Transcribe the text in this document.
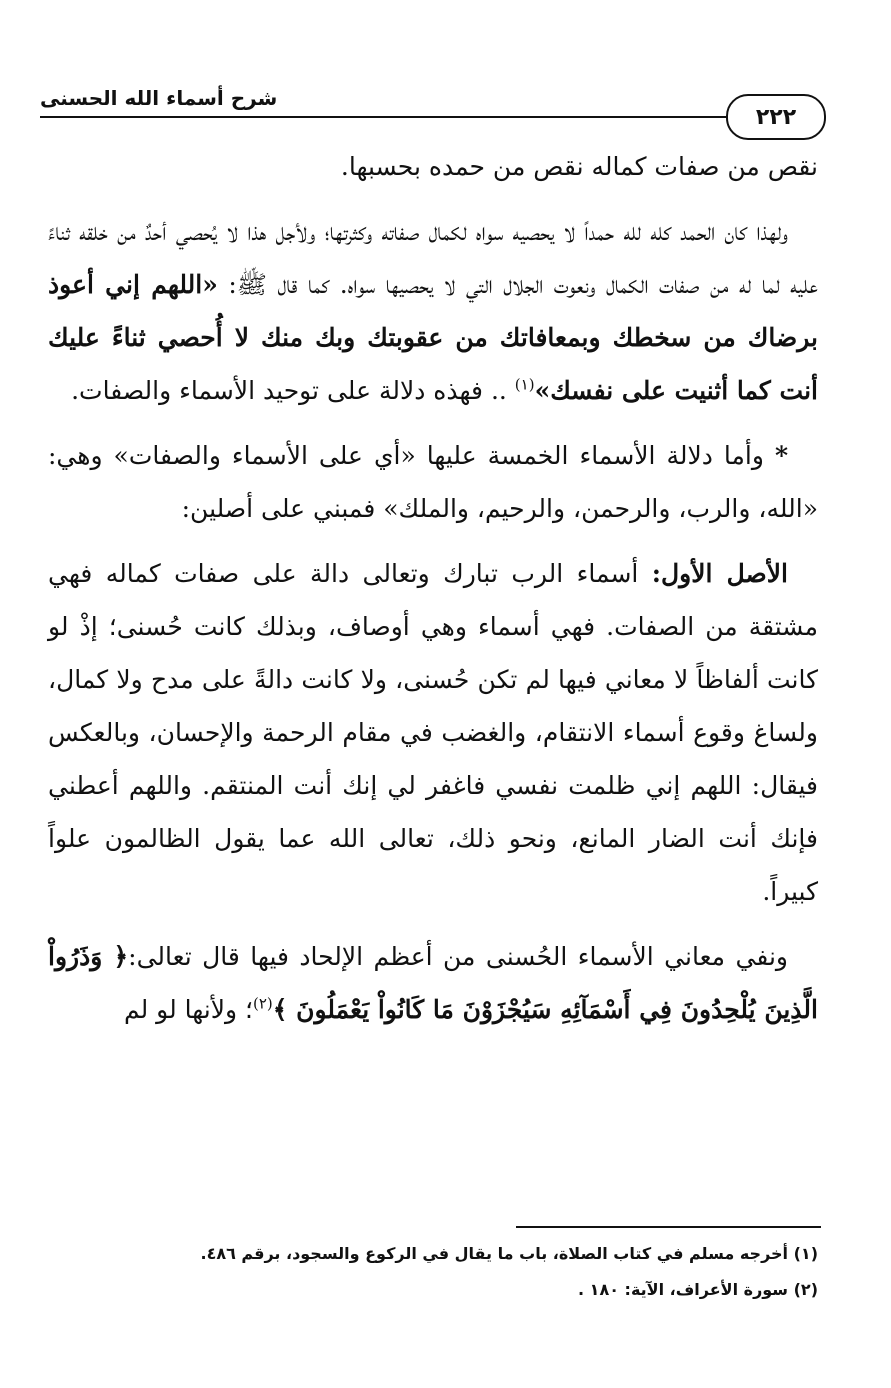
شرح أسماء الله الحسنى
٢٢٢

نقص من صفات كماله نقص من حمده بحسبها.

ولهذا كان الحمد كله لله حمداً لا يحصيه سواه لكمال صفاته وكثرتها؛ ولأجل هذا لا يُحصي أحدٌ من خلقه ثناءً عليه لما له من صفات الكمال ونعوت الجلال التي لا يحصيها سواه. كما قال ﷺ: «اللهم إني أعوذ برضاك من سخطك وبمعافاتك من عقوبتك وبك منك لا أُحصي ثناءً عليك أنت كما أثنيت على نفسك»$^{(١)}$ .. فهذه دلالة على توحيد الأسماء والصفات.

* وأما دلالة الأسماء الخمسة عليها «أي على الأسماء والصفات» وهي: «الله، والرب، والرحمن، والرحيم، والملك» فمبني على أصلين:

الأصل الأول: أسماء الرب تبارك وتعالى دالة على صفات كماله فهي مشتقة من الصفات. فهي أسماء وهي أوصاف، وبذلك كانت حُسنى؛ إذْ لو كانت ألفاظاً لا معاني فيها لم تكن حُسنى، ولا كانت دالةً على مدح ولا كمال، ولساغ وقوع أسماء الانتقام، والغضب في مقام الرحمة والإحسان، وبالعكس فيقال: اللهم إني ظلمت نفسي فاغفر لي إنك أنت المنتقم. واللهم أعطني فإنك أنت الضار المانع، ونحو ذلك، تعالى الله عما يقول الظالمون علواً كبيراً.

ونفي معاني الأسماء الحُسنى من أعظم الإلحاد فيها قال تعالى:﴿ وَذَرُواْ الَّذِينَ يُلْحِدُونَ فِي أَسْمَآئِهِ سَيُجْزَوْنَ مَا كَانُواْ يَعْمَلُونَ ﴾$^{(٢)}$؛ ولأنها لو لم

(١) أخرجه مسلم في كتاب الصلاة، باب ما يقال في الركوع والسجود، برقم ٤٨٦.

(٢) سورة الأعراف، الآية: ١٨٠ .
